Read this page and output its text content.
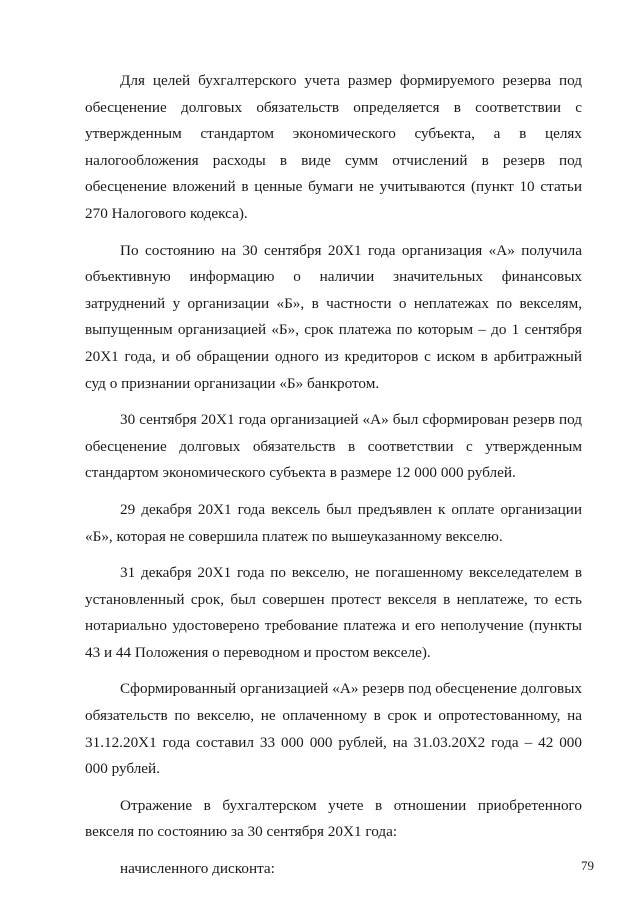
Для целей бухгалтерского учета размер формируемого резерва под обесценение долговых обязательств определяется в соответствии с утвержденным стандартом экономического субъекта, а в целях налогообложения расходы в виде сумм отчислений в резерв под обесценение вложений в ценные бумаги не учитываются (пункт 10 статьи 270 Налогового кодекса).

По состоянию на 30 сентября 20Х1 года организация «А» получила объективную информацию о наличии значительных финансовых затруднений у организации «Б», в частности о неплатежах по векселям, выпущенным организацией «Б», срок платежа по которым – до 1 сентября 20Х1 года, и об обращении одного из кредиторов с иском в арбитражный суд о признании организации «Б» банкротом.

30 сентября 20Х1 года организацией «А» был сформирован резерв под обесценение долговых обязательств в соответствии с утвержденным стандартом экономического субъекта в размере 12 000 000 рублей.

29 декабря 20Х1 года вексель был предъявлен к оплате организации «Б», которая не совершила платеж по вышеуказанному векселю.

31 декабря 20Х1 года по векселю, не погашенному векселедателем в установленный срок, был совершен протест векселя в неплатеже, то есть нотариально удостоверено требование платежа и его неполучение (пункты 43 и 44 Положения о переводном и простом векселе).

Сформированный организацией «А» резерв под обесценение долговых обязательств по векселю, не оплаченному в срок и опротестованному, на 31.12.20Х1 года составил 33 000 000 рублей, на 31.03.20Х2 года – 42 000 000 рублей.

Отражение в бухгалтерском учете в отношении приобретенного векселя по состоянию за 30 сентября 20Х1 года:

начисленного дисконта:	79
